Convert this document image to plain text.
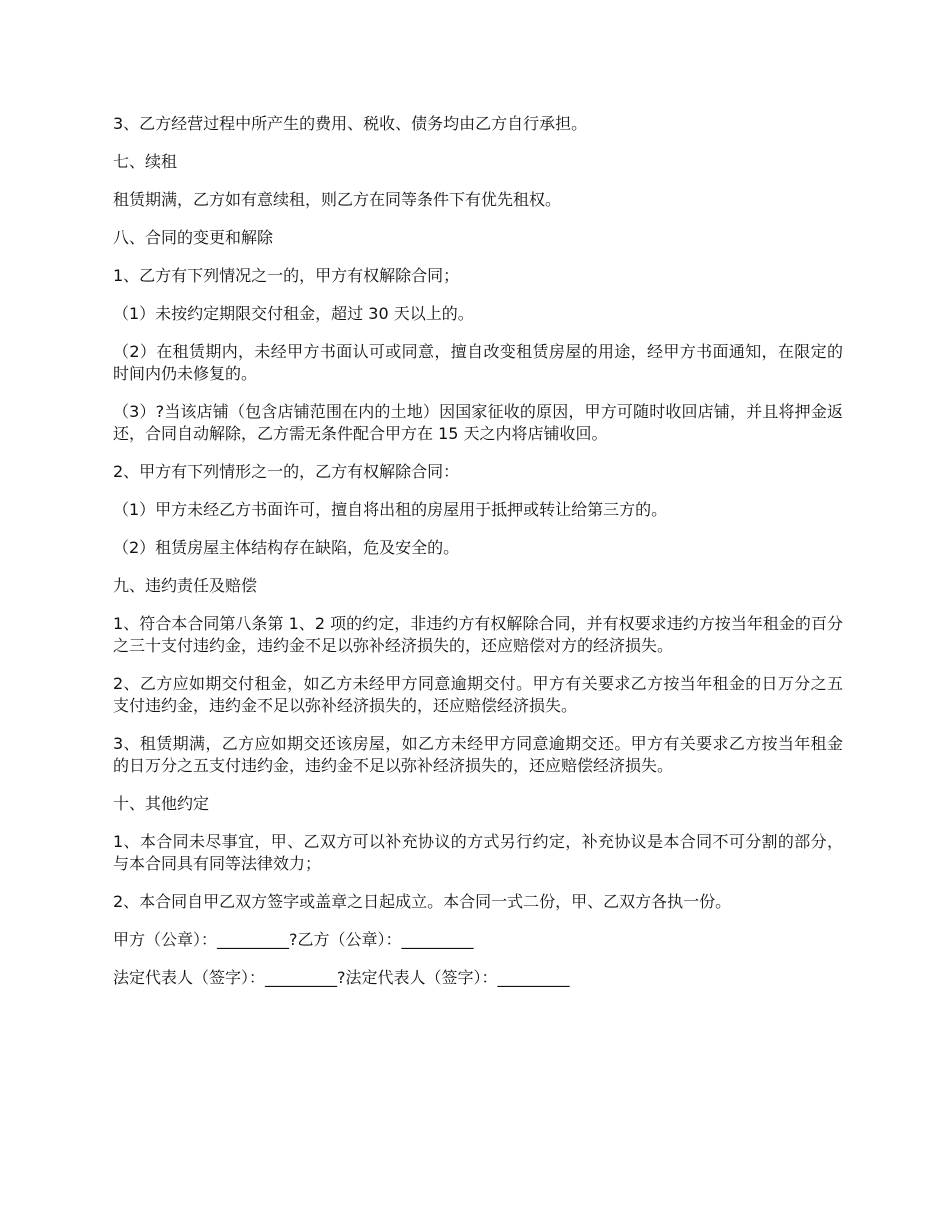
3、乙方经营过程中所产生的费用、税收、债务均由乙方自行承担。

七、续租

租赁期满，乙方如有意续租，则乙方在同等条件下有优先租权。

八、合同的变更和解除

1、乙方有下列情况之一的，甲方有权解除合同；

（1）未按约定期限交付租金，超过 30 天以上的。

（2）在租赁期内，未经甲方书面认可或同意，擅自改变租赁房屋的用途，经甲方书面通知，在限定的时间内仍未修复的。

（3）?当该店铺（包含店铺范围在内的土地）因国家征收的原因，甲方可随时收回店铺，并且将押金返还，合同自动解除，乙方需无条件配合甲方在 15 天之内将店铺收回。

2、甲方有下列情形之一的，乙方有权解除合同：

（1）甲方未经乙方书面许可，擅自将出租的房屋用于抵押或转让给第三方的。

（2）租赁房屋主体结构存在缺陷，危及安全的。

九、违约责任及赔偿

1、符合本合同第八条第 1、2 项的约定，非违约方有权解除合同，并有权要求违约方按当年租金的百分之三十支付违约金，违约金不足以弥补经济损失的，还应赔偿对方的经济损失。

2、乙方应如期交付租金，如乙方未经甲方同意逾期交付。甲方有关要求乙方按当年租金的日万分之五支付违约金，违约金不足以弥补经济损失的，还应赔偿经济损失。

3、租赁期满，乙方应如期交还该房屋，如乙方未经甲方同意逾期交还。甲方有关要求乙方按当年租金的日万分之五支付违约金，违约金不足以弥补经济损失的，还应赔偿经济损失。

十、其他约定

1、本合同未尽事宜，甲、乙双方可以补充协议的方式另行约定，补充协议是本合同不可分割的部分，与本合同具有同等法律效力；

2、本合同自甲乙双方签字或盖章之日起成立。本合同一式二份，甲、乙双方各执一份。

甲方（公章）：_________?乙方（公章）：_________

法定代表人（签字）：_________?法定代表人（签字）：_________
